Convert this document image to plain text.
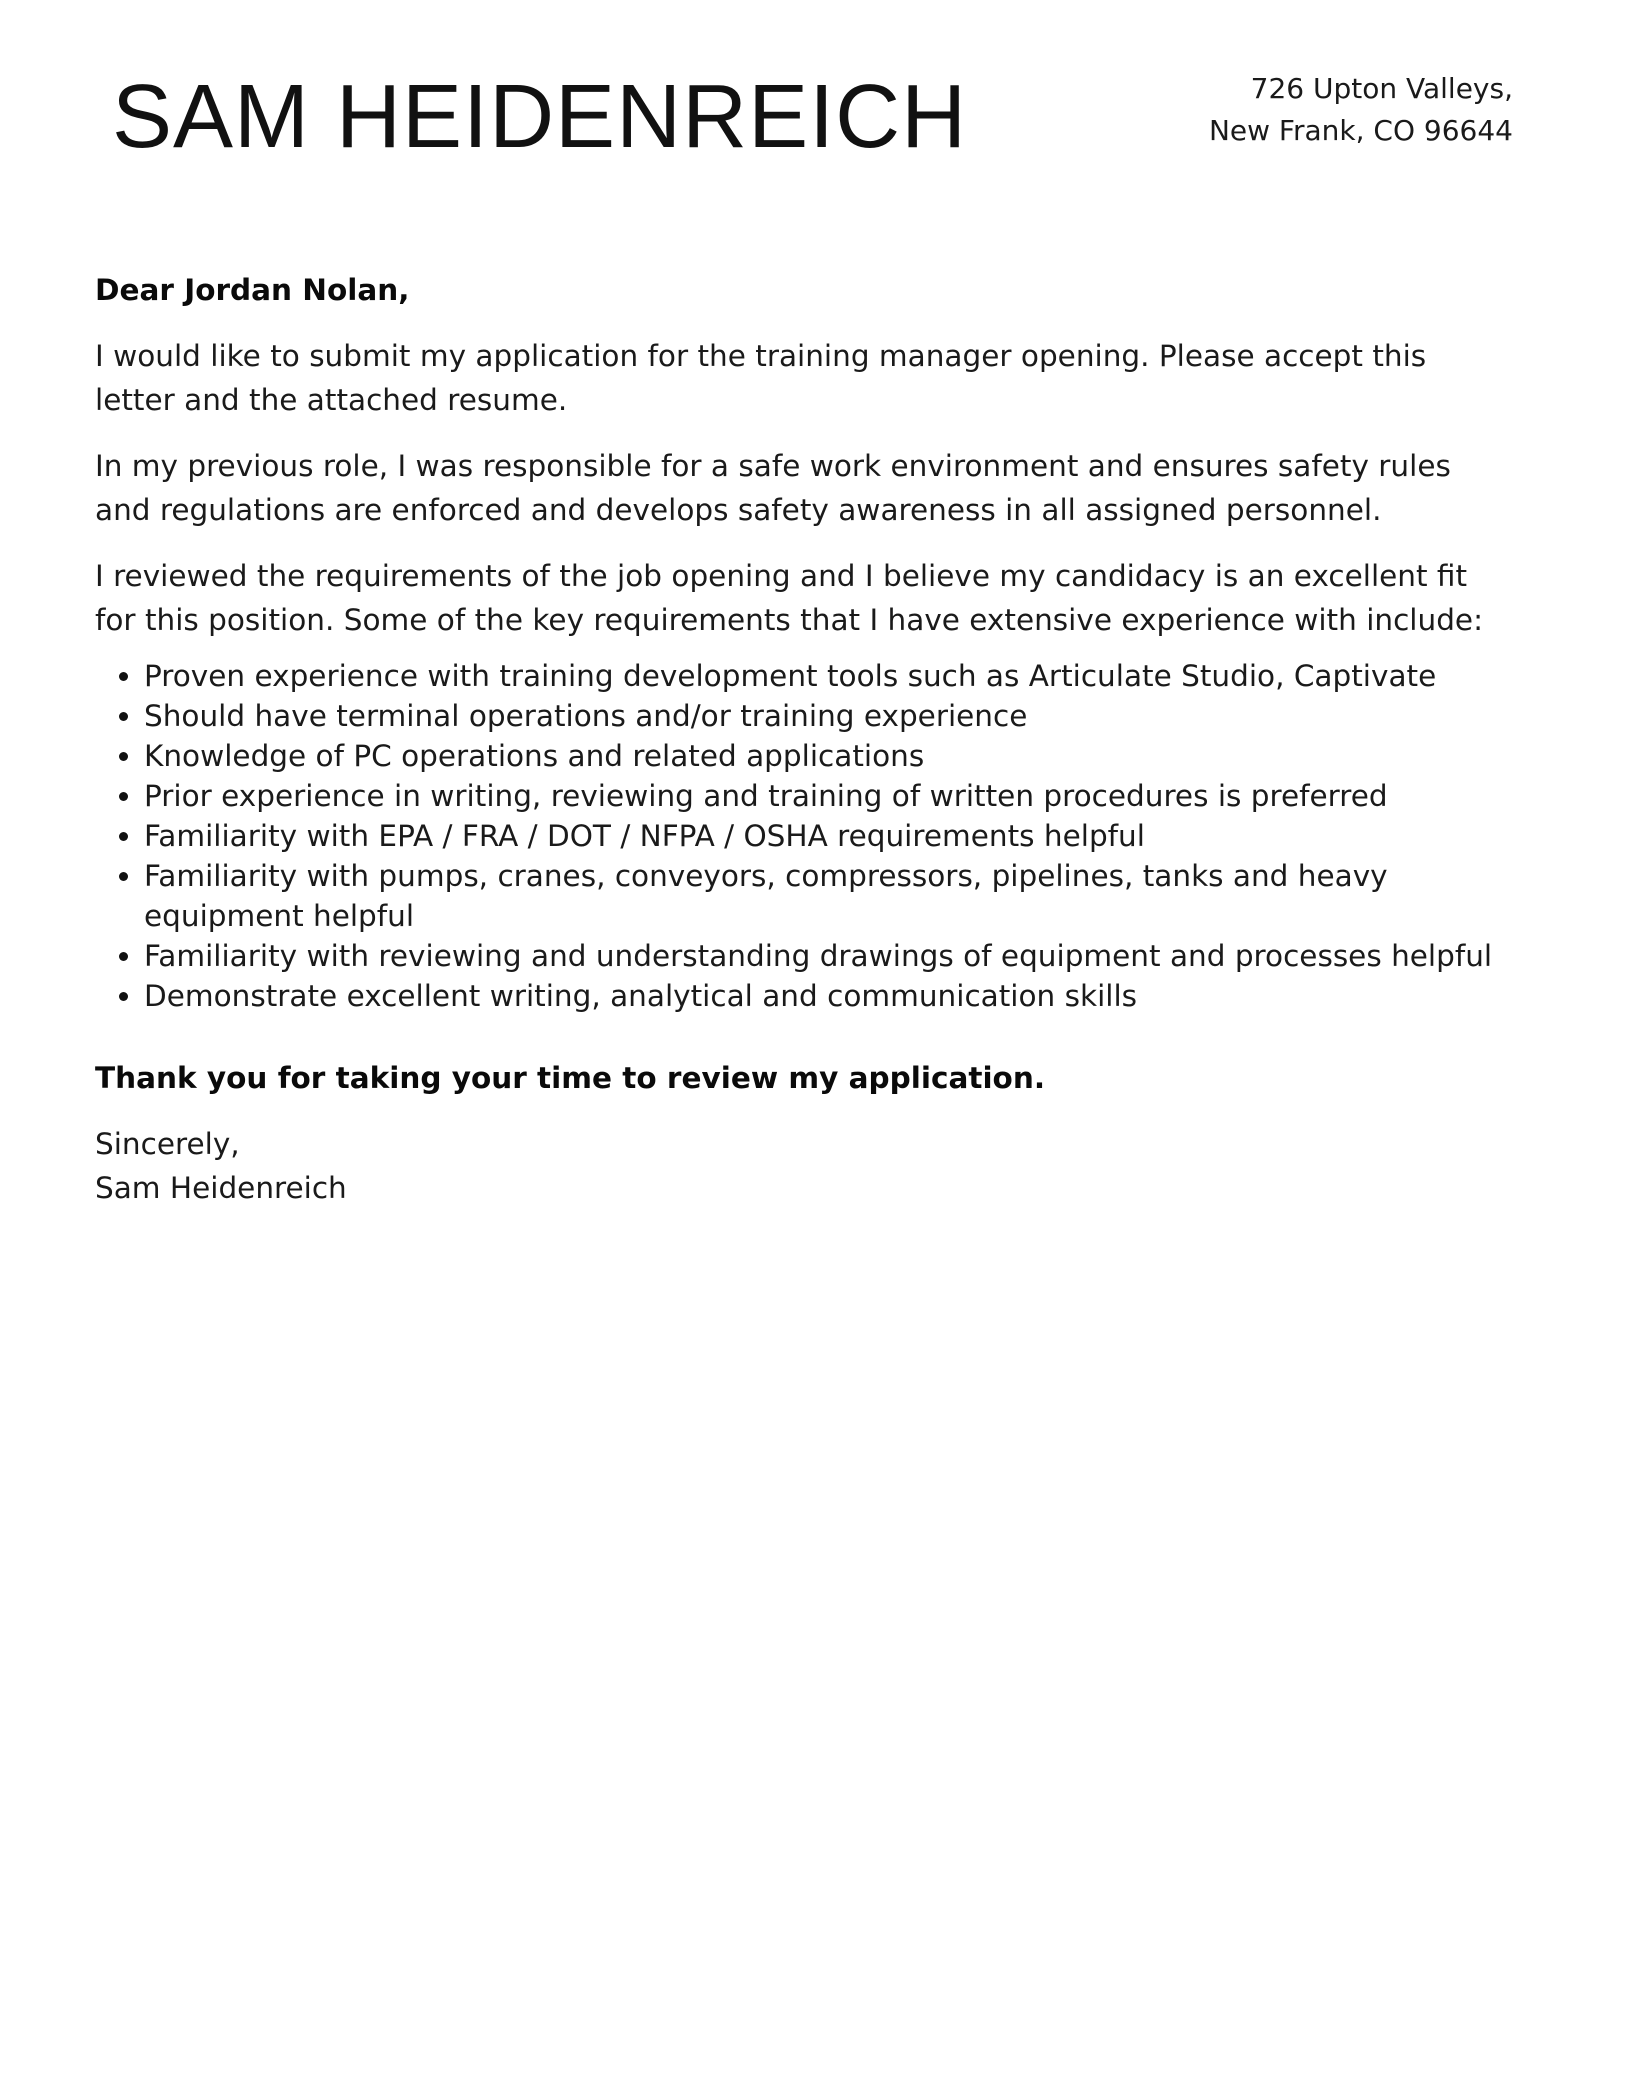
SAM HEIDENREICH	726 Upton Valleys,
New Frank, CO 96644
Dear Jordan Nolan,
I would like to submit my application for the training manager opening. Please accept this letter and the attached resume.
In my previous role, I was responsible for a safe work environment and ensures safety rules and regulations are enforced and develops safety awareness in all assigned personnel.
I reviewed the requirements of the job opening and I believe my candidacy is an excellent fit for this position. Some of the key requirements that I have extensive experience with include:
Proven experience with training development tools such as Articulate Studio, Captivate
Should have terminal operations and/or training experience
Knowledge of PC operations and related applications
Prior experience in writing, reviewing and training of written procedures is preferred
Familiarity with EPA / FRA / DOT / NFPA / OSHA requirements helpful
Familiarity with pumps, cranes, conveyors, compressors, pipelines, tanks and heavy equipment helpful
Familiarity with reviewing and understanding drawings of equipment and processes helpful
Demonstrate excellent writing, analytical and communication skills
Thank you for taking your time to review my application.
Sincerely,
Sam Heidenreich
